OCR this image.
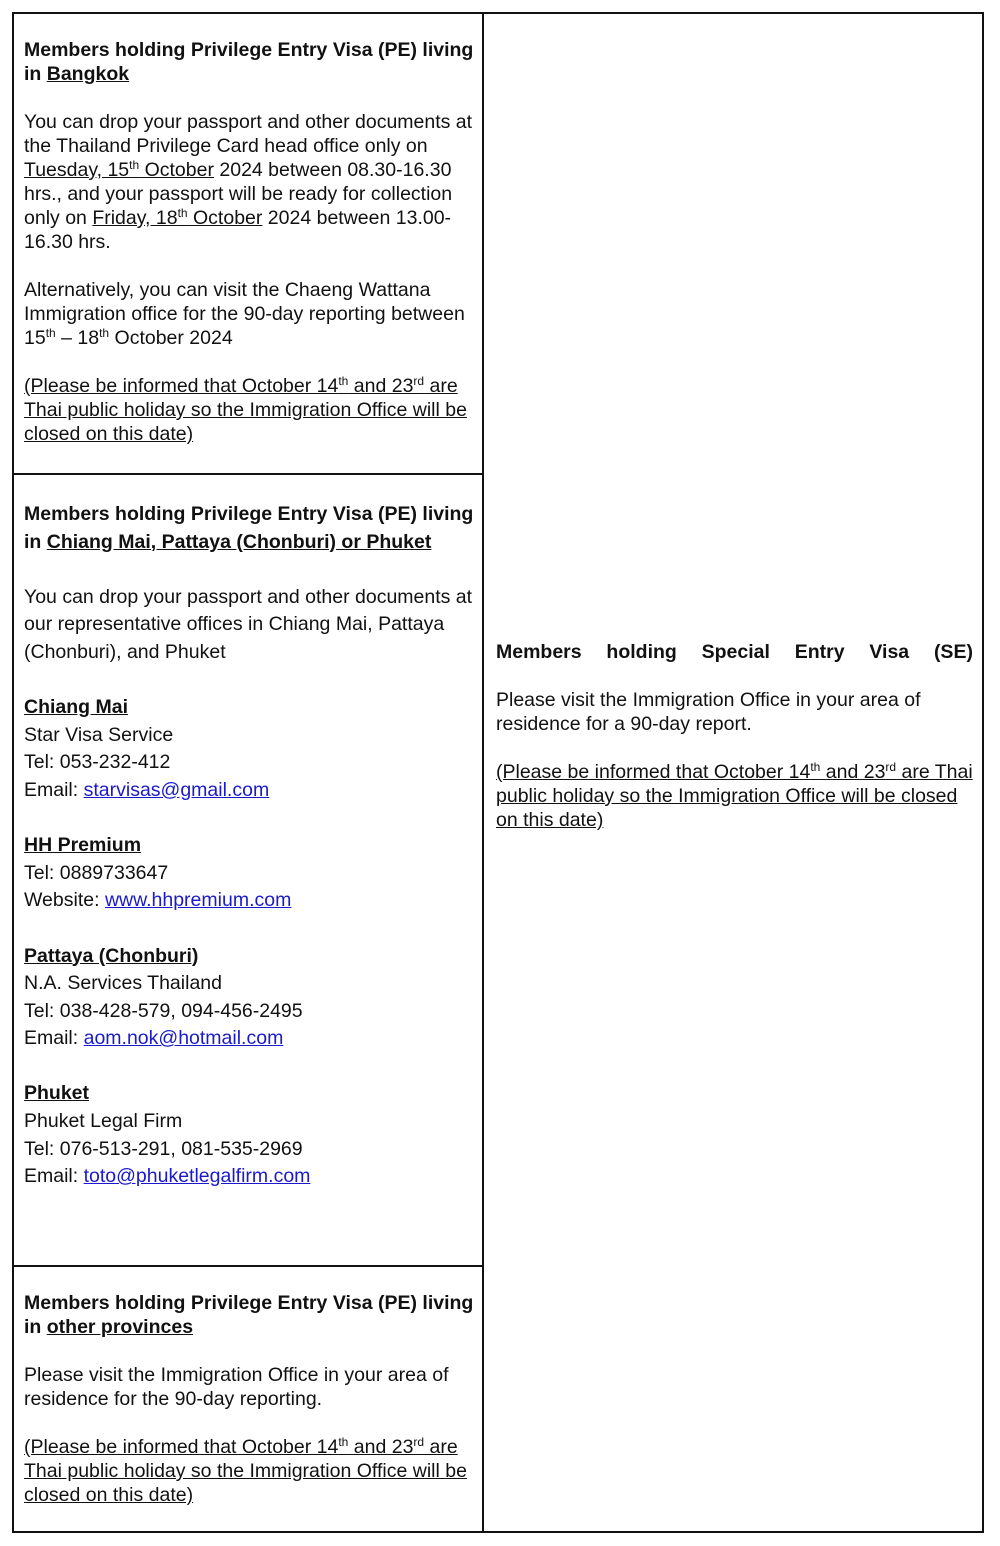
Members holding Privilege Entry Visa (PE) living in Bangkok

You can drop your passport and other documents at the Thailand Privilege Card head office only on Tuesday, 15th October 2024 between 08.30-16.30 hrs., and your passport will be ready for collection only on Friday, 18th October 2024 between 13.00-16.30 hrs.

Alternatively, you can visit the Chaeng Wattana Immigration office for the 90-day reporting between 15th – 18th October 2024

(Please be informed that October 14th and 23rd are Thai public holiday so the Immigration Office will be closed on this date)

Members holding Privilege Entry Visa (PE) living in Chiang Mai, Pattaya (Chonburi) or Phuket

You can drop your passport and other documents at our representative offices in Chiang Mai, Pattaya (Chonburi), and Phuket

Chiang Mai

Star Visa Service

Tel: 053-232-412

Email: starvisas@gmail.com

HH Premium

Tel: 0889733647

Website: www.hhpremium.com

Pattaya (Chonburi)

N.A. Services Thailand

Tel: 038-428-579, 094-456-2495

Email: aom.nok@hotmail.com

Phuket

Phuket Legal Firm

Tel: 076-513-291, 081-535-2969

Email: toto@phuketlegalfirm.com

Members holding Privilege Entry Visa (PE) living in other provinces

Please visit the Immigration Office in your area of residence for the 90-day reporting.

(Please be informed that October 14th and 23rd are Thai public holiday so the Immigration Office will be closed on this date)

Members holding Special Entry Visa (SE)

Please visit the Immigration Office in your area of residence for a 90-day report.

(Please be informed that October 14th and 23rd are Thai public holiday so the Immigration Office will be closed on this date)
